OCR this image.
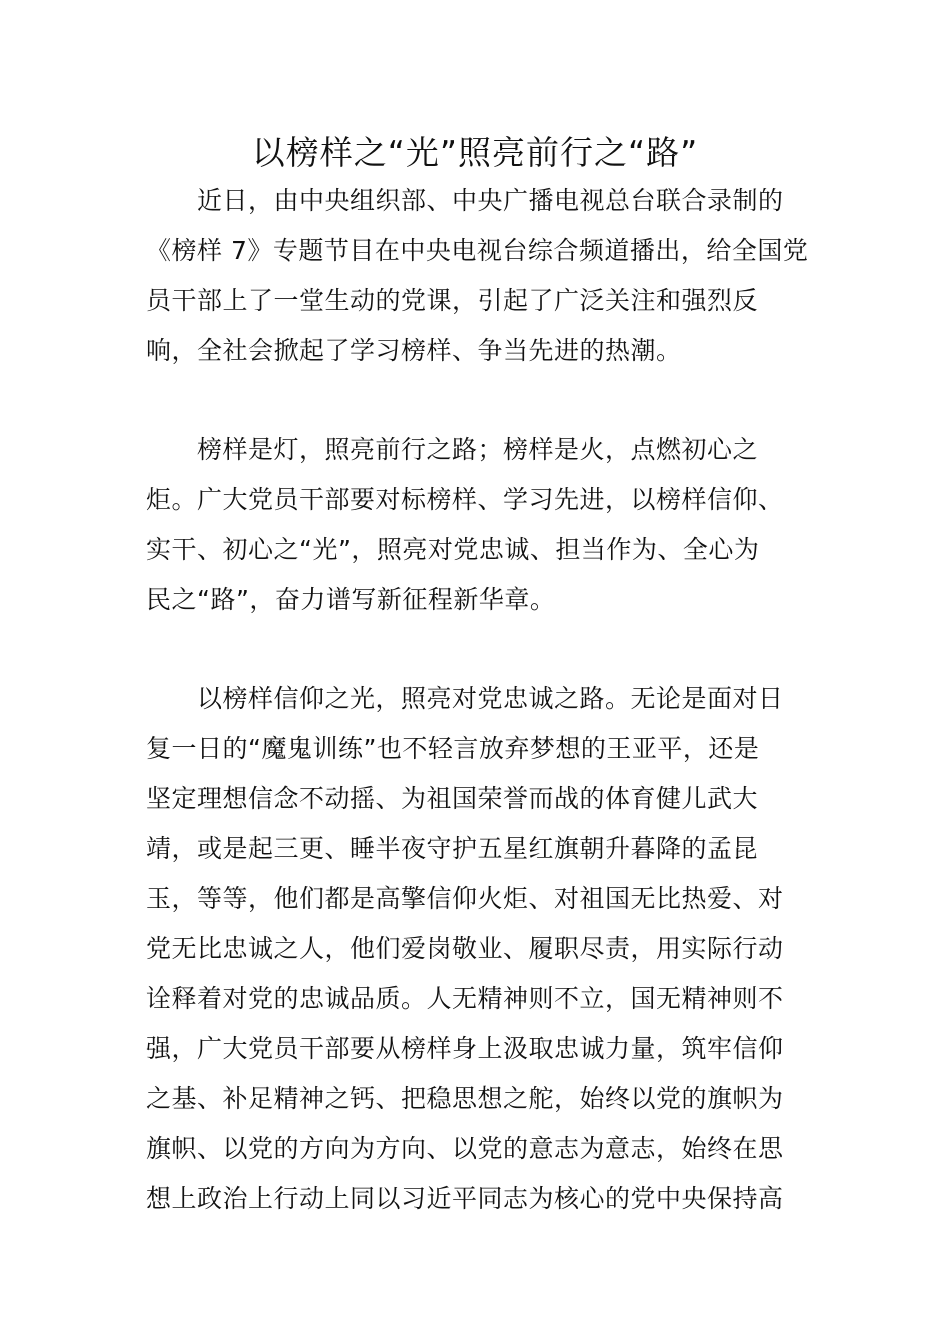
以榜样之“光”照亮前行之“路”

　　近日，由中央组织部、中央广播电视总台联合录制的
《榜样 7》专题节目在中央电视台综合频道播出，给全国党
员干部上了一堂生动的党课，引起了广泛关注和强烈反
响，全社会掀起了学习榜样、争当先进的热潮。

　　榜样是灯，照亮前行之路；榜样是火，点燃初心之
炬。广大党员干部要对标榜样、学习先进，以榜样信仰、
实干、初心之“光”，照亮对党忠诚、担当作为、全心为
民之“路”，奋力谱写新征程新华章。

　　以榜样信仰之光，照亮对党忠诚之路。无论是面对日
复一日的“魔鬼训练”也不轻言放弃梦想的王亚平，还是
坚定理想信念不动摇、为祖国荣誉而战的体育健儿武大
靖，或是起三更、睡半夜守护五星红旗朝升暮降的孟昆
玉，等等，他们都是高擎信仰火炬、对祖国无比热爱、对
党无比忠诚之人，他们爱岗敬业、履职尽责，用实际行动
诠释着对党的忠诚品质。人无精神则不立，国无精神则不
强，广大党员干部要从榜样身上汲取忠诚力量，筑牢信仰
之基、补足精神之钙、把稳思想之舵，始终以党的旗帜为
旗帜、以党的方向为方向、以党的意志为意志，始终在思
想上政治上行动上同以习近平同志为核心的党中央保持高
